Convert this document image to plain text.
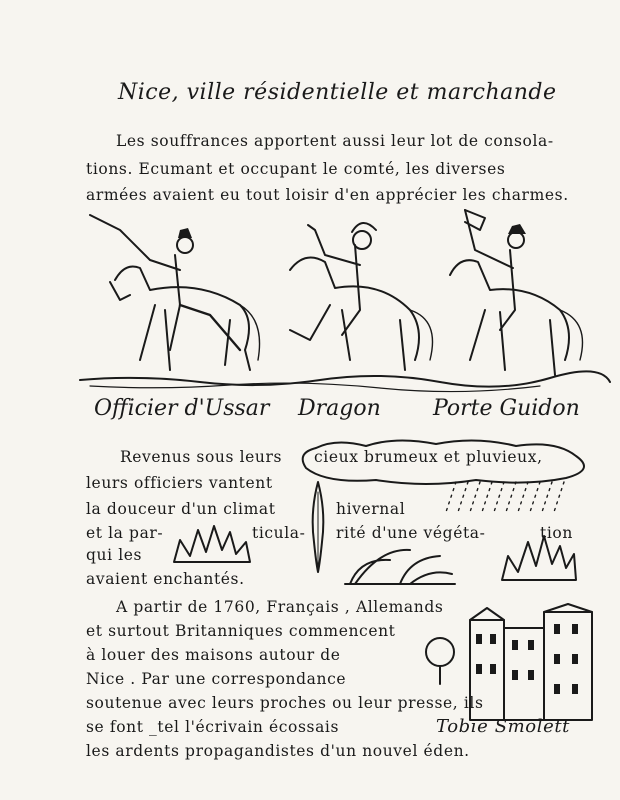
Nice, ville résidentielle et marchande
Les souffrances apportent aussi leur lot de consola-
tions. Ecumant et occupant le comté, les diverses
armées avaient eu tout loisir d'en apprécier les charmes.
Officier d'Ussar Dragon Porte Guidon
Revenus sous leurs cieux brumeux et pluvieux,
leurs officiers vantent
la douceur d'un climat	hivernal
et la par-	ticula- rité d'une végéta-	tion
qui les
avaient enchantés.
A partir de 1760, Français , Allemands
et surtout Britanniques commencent
à louer des maisons autour de
Nice . Par une correspondance
soutenue avec leurs proches ou leur presse, ils
se font _tel l'écrivain écossais	Tobie Smolett
les ardents propagandistes d'un nouvel éden.
